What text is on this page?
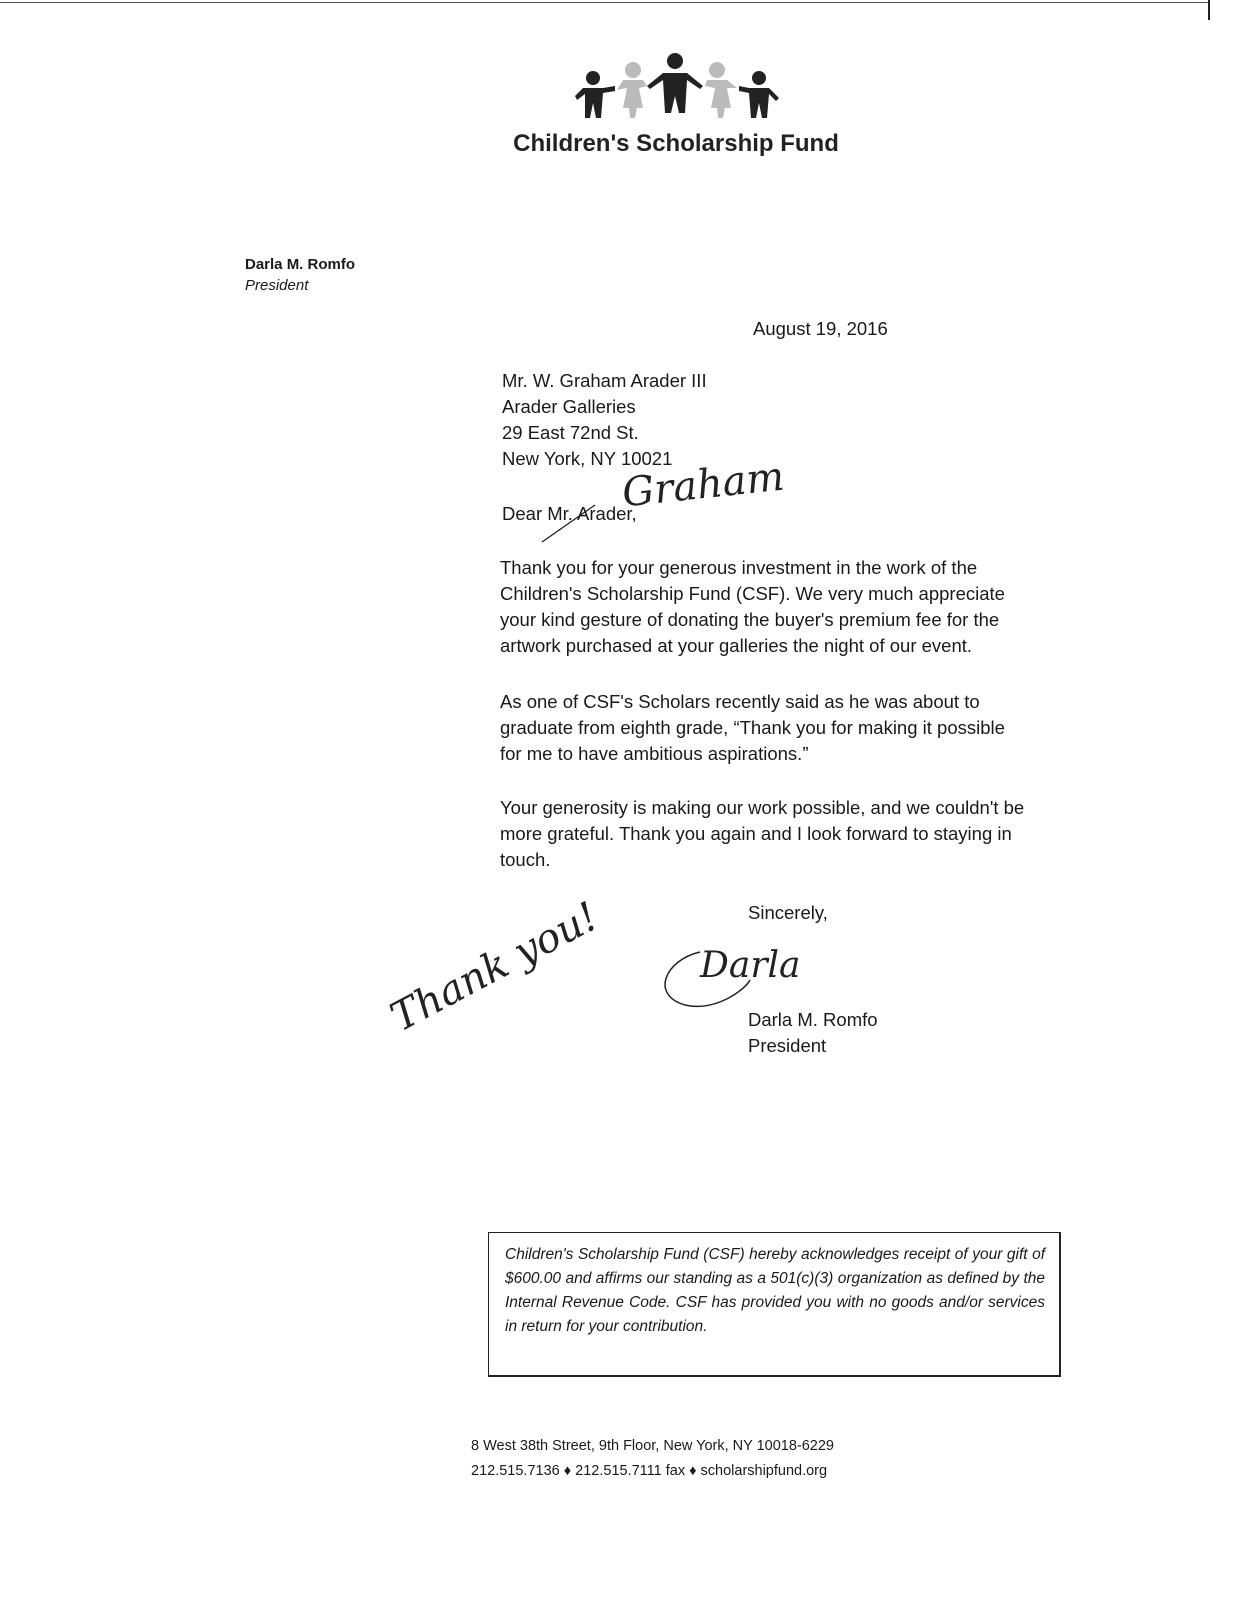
Children's Scholarship Fund
Darla M. Romfo
President
August 19, 2016

Mr. W. Graham Arader III

Arader Galleries

29 East 72nd St.

New York, NY 10021

Dear Mr. Arader,
Graham

Thank you for your generous investment in the work of the

Children's Scholarship Fund (CSF). We very much appreciate

your kind gesture of donating the buyer's premium fee for the

artwork purchased at your galleries the night of our event.

As one of CSF's Scholars recently said as he was about to

graduate from eighth grade, “Thank you for making it possible

for me to have ambitious aspirations.”

Your generosity is making our work possible, and we couldn't be

more grateful. Thank you again and I look forward to staying in

touch.

Sincerely,
Darla
Thank you!	Darla M. Romfo
President

Children's Scholarship Fund (CSF) hereby acknowledges receipt of your gift of $600.00 and affirms our standing as a 501(c)(3) organization as defined by the Internal Revenue Code. CSF has provided you with no goods and/or services in return for your contribution.

8 West 38th Street, 9th Floor, New York, NY 10018-6229
212.515.7136 ♦ 212.515.7111 fax ♦ scholarshipfund.org
